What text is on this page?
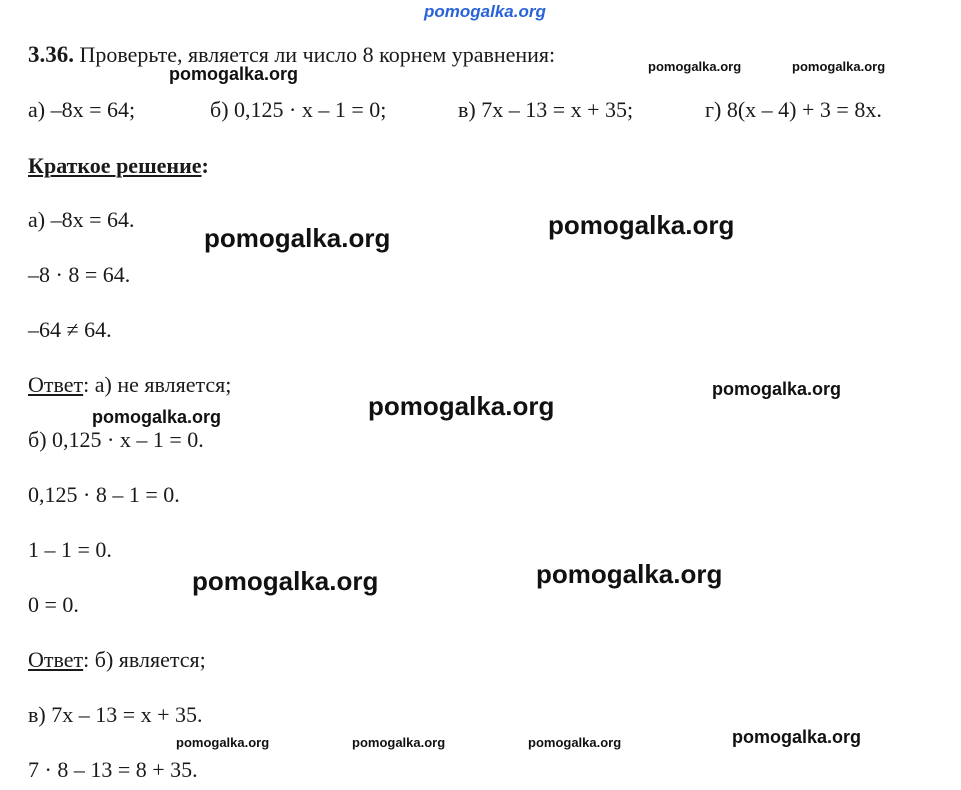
pomogalka.org
3.36. Проверьте, является ли число 8 корнем уравнения:
а) –8x = 64;	б) 0,125 · x – 1 = 0;	в) 7x – 13 = x + 35;	г) 8(x – 4) + 3 = 8x.
Краткое решение:
а) –8x = 64.
–8 · 8 = 64.
–64 ≠ 64.
Ответ: а) не является;
б) 0,125 · x – 1 = 0.
0,125 · 8 – 1 = 0.
1 – 1 = 0.
0 = 0.
Ответ: б) является;
в) 7x – 13 = x + 35.
7 · 8 – 13 = 8 + 35.
pomogalka.org	pomogalka.org	pomogalka.org
pomogalka.org	pomogalka.org
pomogalka.org
pomogalka.org
pomogalka.org
pomogalka.org	pomogalka.org
pomogalka.org	pomogalka.org	pomogalka.org	pomogalka.org
